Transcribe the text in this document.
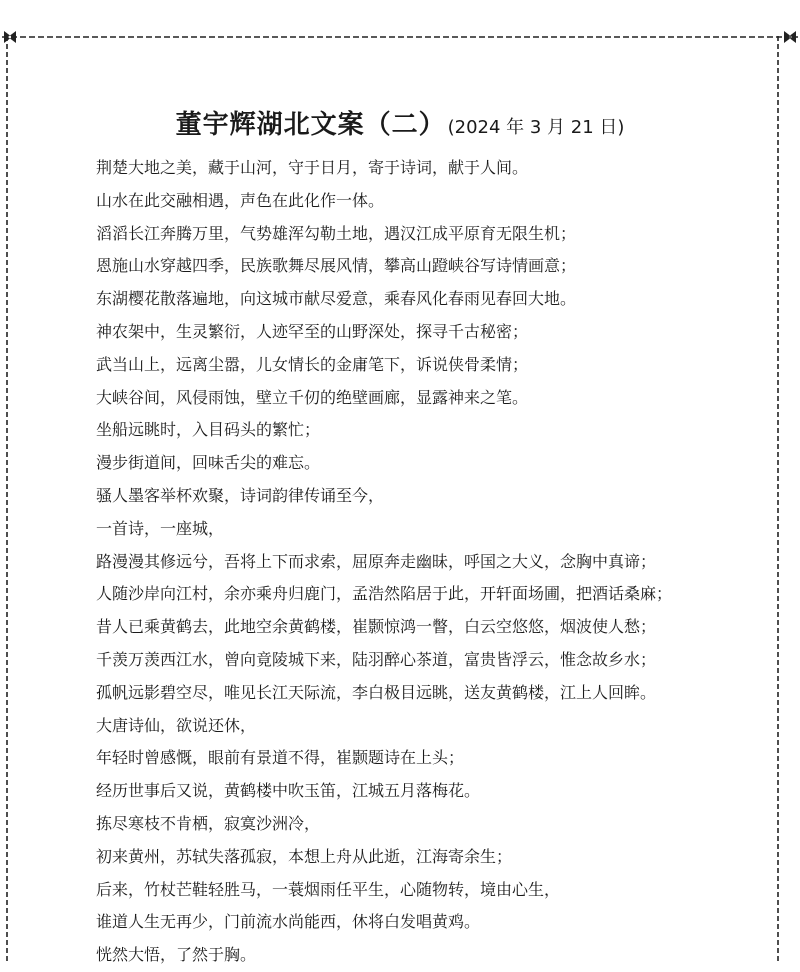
董宇辉湖北文案（二） (2024 年 3 月 21 日)
荆楚大地之美，藏于山河，守于日月，寄于诗词，献于人间。
山水在此交融相遇，声色在此化作一体。
滔滔长江奔腾万里，气势雄浑勾勒土地，遇汉江成平原育无限生机；
恩施山水穿越四季，民族歌舞尽展风情，攀高山蹬峡谷写诗情画意；
东湖樱花散落遍地，向这城市献尽爱意，乘春风化春雨见春回大地。
神农架中，生灵繁衍，人迹罕至的山野深处，探寻千古秘密；
武当山上，远离尘嚣，儿女情长的金庸笔下，诉说侠骨柔情；
大峡谷间，风侵雨蚀，壁立千仞的绝壁画廊，显露神来之笔。
坐船远眺时，入目码头的繁忙；
漫步街道间，回味舌尖的难忘。
骚人墨客举杯欢聚，诗词韵律传诵至今，
一首诗，一座城，
路漫漫其修远兮，吾将上下而求索，屈原奔走幽昧，呼国之大义，念胸中真谛；
人随沙岸向江村，余亦乘舟归鹿门，孟浩然陷居于此，开轩面场圃，把酒话桑麻；
昔人已乘黄鹤去，此地空余黄鹤楼，崔颢惊鸿一瞥，白云空悠悠，烟波使人愁；
千羡万羡西江水，曾向竟陵城下来，陆羽醉心茶道，富贵皆浮云，惟念故乡水；
孤帆远影碧空尽，唯见长江天际流，李白极目远眺，送友黄鹤楼，江上人回眸。
大唐诗仙，欲说还休，
年轻时曾感慨，眼前有景道不得，崔颢题诗在上头；
经历世事后又说，黄鹤楼中吹玉笛，江城五月落梅花。
拣尽寒枝不肯栖，寂寞沙洲冷，
初来黄州，苏轼失落孤寂，本想上舟从此逝，江海寄余生；
后来，竹杖芒鞋轻胜马，一蓑烟雨任平生，心随物转，境由心生，
谁道人生无再少，门前流水尚能西，休将白发唱黄鸡。
恍然大悟，了然于胸。
